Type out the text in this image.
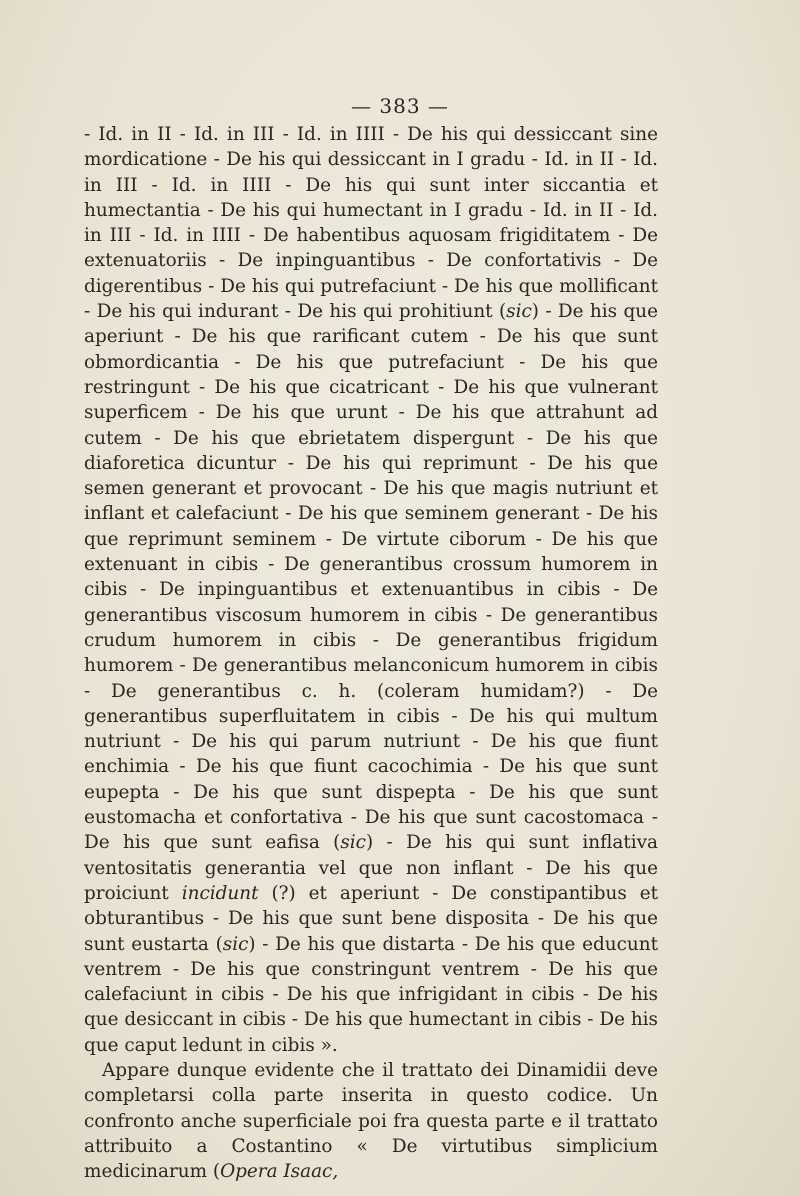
— 383 —

- Id. in II - Id. in III - Id. in IIII - De his qui dessiccant sine mordicatione - De his qui dessiccant in I gradu - Id. in II - Id. in III - Id. in IIII - De his qui sunt inter siccantia et humectantia - De his qui humectant in I gradu - Id. in II - Id. in III - Id. in IIII - De habentibus aquosam frigiditatem - De extenuatoriis - De inpinguantibus - De confortativis - De digerentibus - De his qui putrefaciunt - De his que mollificant - De his qui indurant - De his qui prohitiunt (sic) - De his que aperiunt - De his que rarificant cutem - De his que sunt obmordicantia - De his que putrefaciunt - De his que restringunt - De his que cicatricant - De his que vulnerant superficem - De his que urunt - De his que attrahunt ad cutem - De his que ebrietatem dispergunt - De his que diaforetica dicuntur - De his qui reprimunt - De his que semen generant et provocant - De his que magis nutriunt et inflant et calefaciunt - De his que seminem generant - De his que reprimunt seminem - De virtute ciborum - De his que extenuant in cibis - De generantibus crossum humorem in cibis - De inpinguantibus et extenuantibus in cibis - De generantibus viscosum humorem in cibis - De generantibus crudum humorem in cibis - De generantibus frigidum humorem - De generantibus melanconicum humorem in cibis - De generantibus c. h. (coleram humidam?) - De generantibus superfluitatem in cibis - De his qui multum nutriunt - De his qui parum nutriunt - De his que fiunt enchimia - De his que fiunt cacochimia - De his que sunt eupepta - De his que sunt dispepta - De his que sunt eustomacha et confortativa - De his que sunt cacostomaca - De his que sunt eafisa (sic) - De his qui sunt inflativa ventositatis generantia vel que non inflant - De his que proiciunt incidunt (?) et aperiunt - De constipantibus et obturantibus - De his que sunt bene disposita - De his que sunt eustarta (sic) - De his que distarta - De his que educunt ventrem - De his que constringunt ventrem - De his que calefaciunt in cibis - De his que infrigidant in cibis - De his que desiccant in cibis - De his que humectant in cibis - De his que caput ledunt in cibis ».

Appare dunque evidente che il trattato dei Dinamidii deve completarsi colla parte inserita in questo codice. Un confronto anche superficiale poi fra questa parte e il trattato attribuito a Costantino « De virtutibus simplicium medicinarum (Opera Isaac,
